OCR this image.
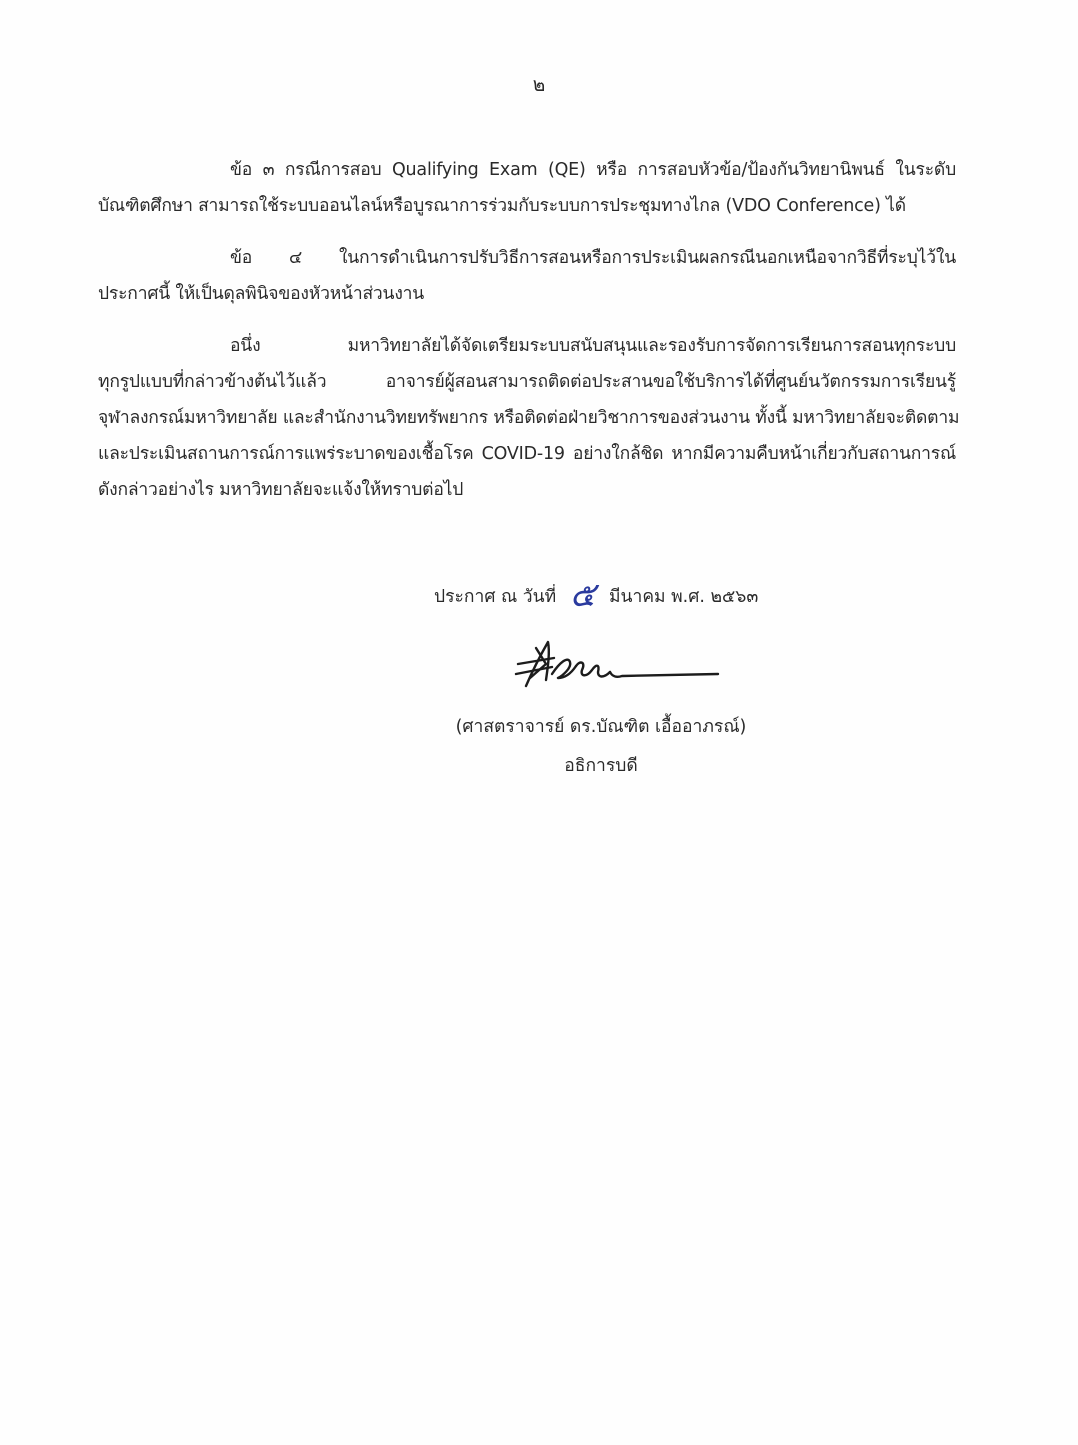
๒
ข้อ ๓ กรณีการสอบ Qualifying Exam (QE) หรือ การสอบหัวข้อ/ป้องกันวิทยานิพนธ์ ในระดับ
บัณฑิตศึกษา สามารถใช้ระบบออนไลน์หรือบูรณาการร่วมกับระบบการประชุมทางไกล (VDO Conference) ได้
ข้อ ๔ ในการดำเนินการปรับวิธีการสอนหรือการประเมินผลกรณีนอกเหนือจากวิธีที่ระบุไว้ใน
ประกาศนี้ ให้เป็นดุลพินิจของหัวหน้าส่วนงาน
อนึ่ง มหาวิทยาลัยได้จัดเตรียมระบบสนับสนุนและรองรับการจัดการเรียนการสอนทุกระบบ
ทุกรูปแบบที่กล่าวข้างต้นไว้แล้ว อาจารย์ผู้สอนสามารถติดต่อประสานขอใช้บริการได้ที่ศูนย์นวัตกรรมการเรียนรู้
จุฬาลงกรณ์มหาวิทยาลัย และสำนักงานวิทยทรัพยากร หรือติดต่อฝ่ายวิชาการของส่วนงาน ทั้งนี้ มหาวิทยาลัยจะติดตาม
และประเมินสถานการณ์การแพร่ระบาดของเชื้อโรค COVID-19 อย่างใกล้ชิด หากมีความคืบหน้าเกี่ยวกับสถานการณ์
ดังกล่าวอย่างไร มหาวิทยาลัยจะแจ้งให้ทราบต่อไป
ประกาศ ณ วันที่ ๕ มีนาคม พ.ศ. ๒๕๖๓
(ศาสตราจารย์ ดร.บัณฑิต เอื้ออาภรณ์)
อธิการบดี
